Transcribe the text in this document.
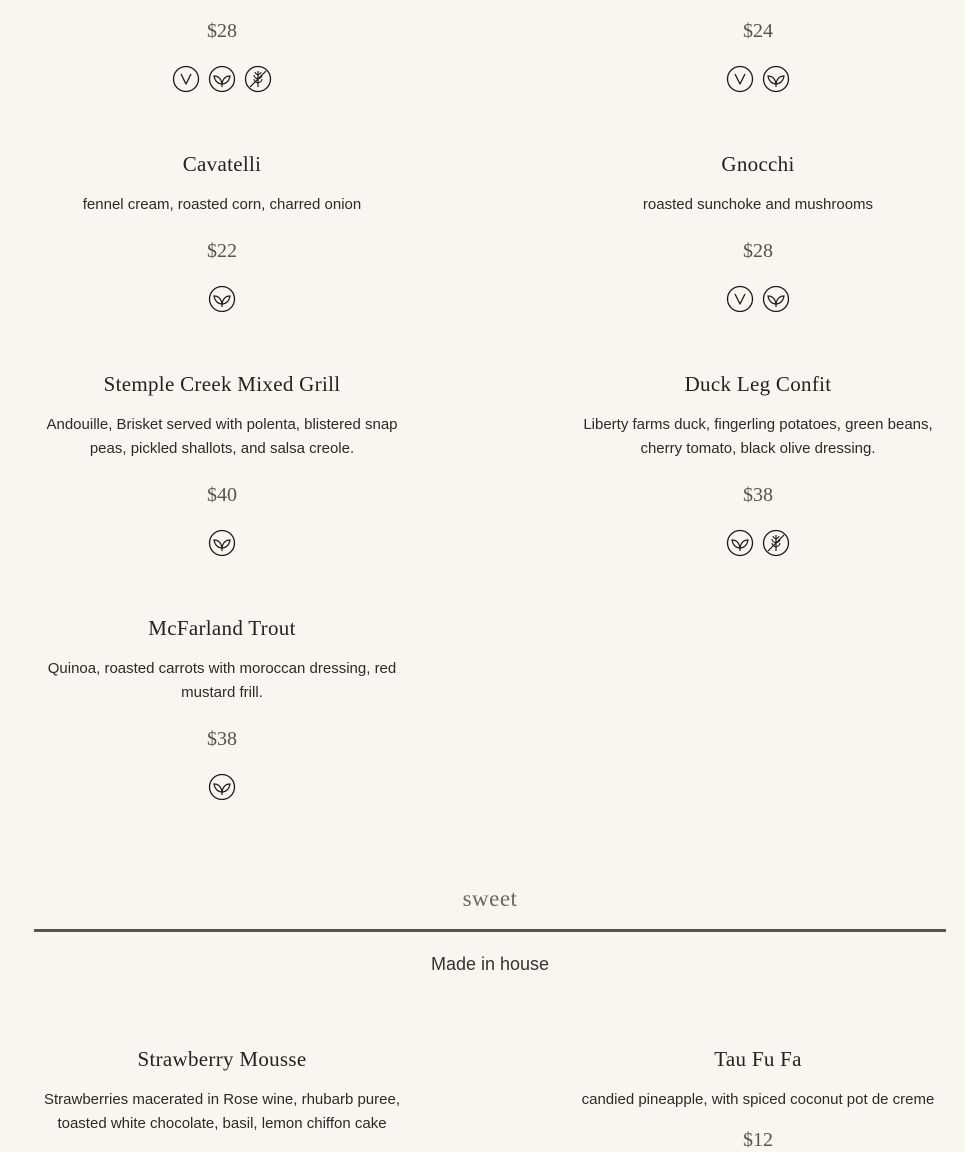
$28	$24
Cavatelli
fennel cream, roasted corn, charred onion
$22
Gnocchi
roasted sunchoke and mushrooms
$28
Stemple Creek Mixed Grill
Andouille, Brisket served with polenta, blistered snap peas, pickled shallots, and salsa creole.
$40
Duck Leg Confit
Liberty farms duck, fingerling potatoes, green beans, cherry tomato, black olive dressing.
$38
McFarland Trout
Quinoa, roasted carrots with moroccan dressing, red mustard frill.
$38
sweet
Made in house
Strawberry Mousse
Strawberries macerated in Rose wine, rhubarb puree, toasted white chocolate, basil, lemon chiffon cake
Tau Fu Fa
candied pineapple, with spiced coconut pot de creme
$12
